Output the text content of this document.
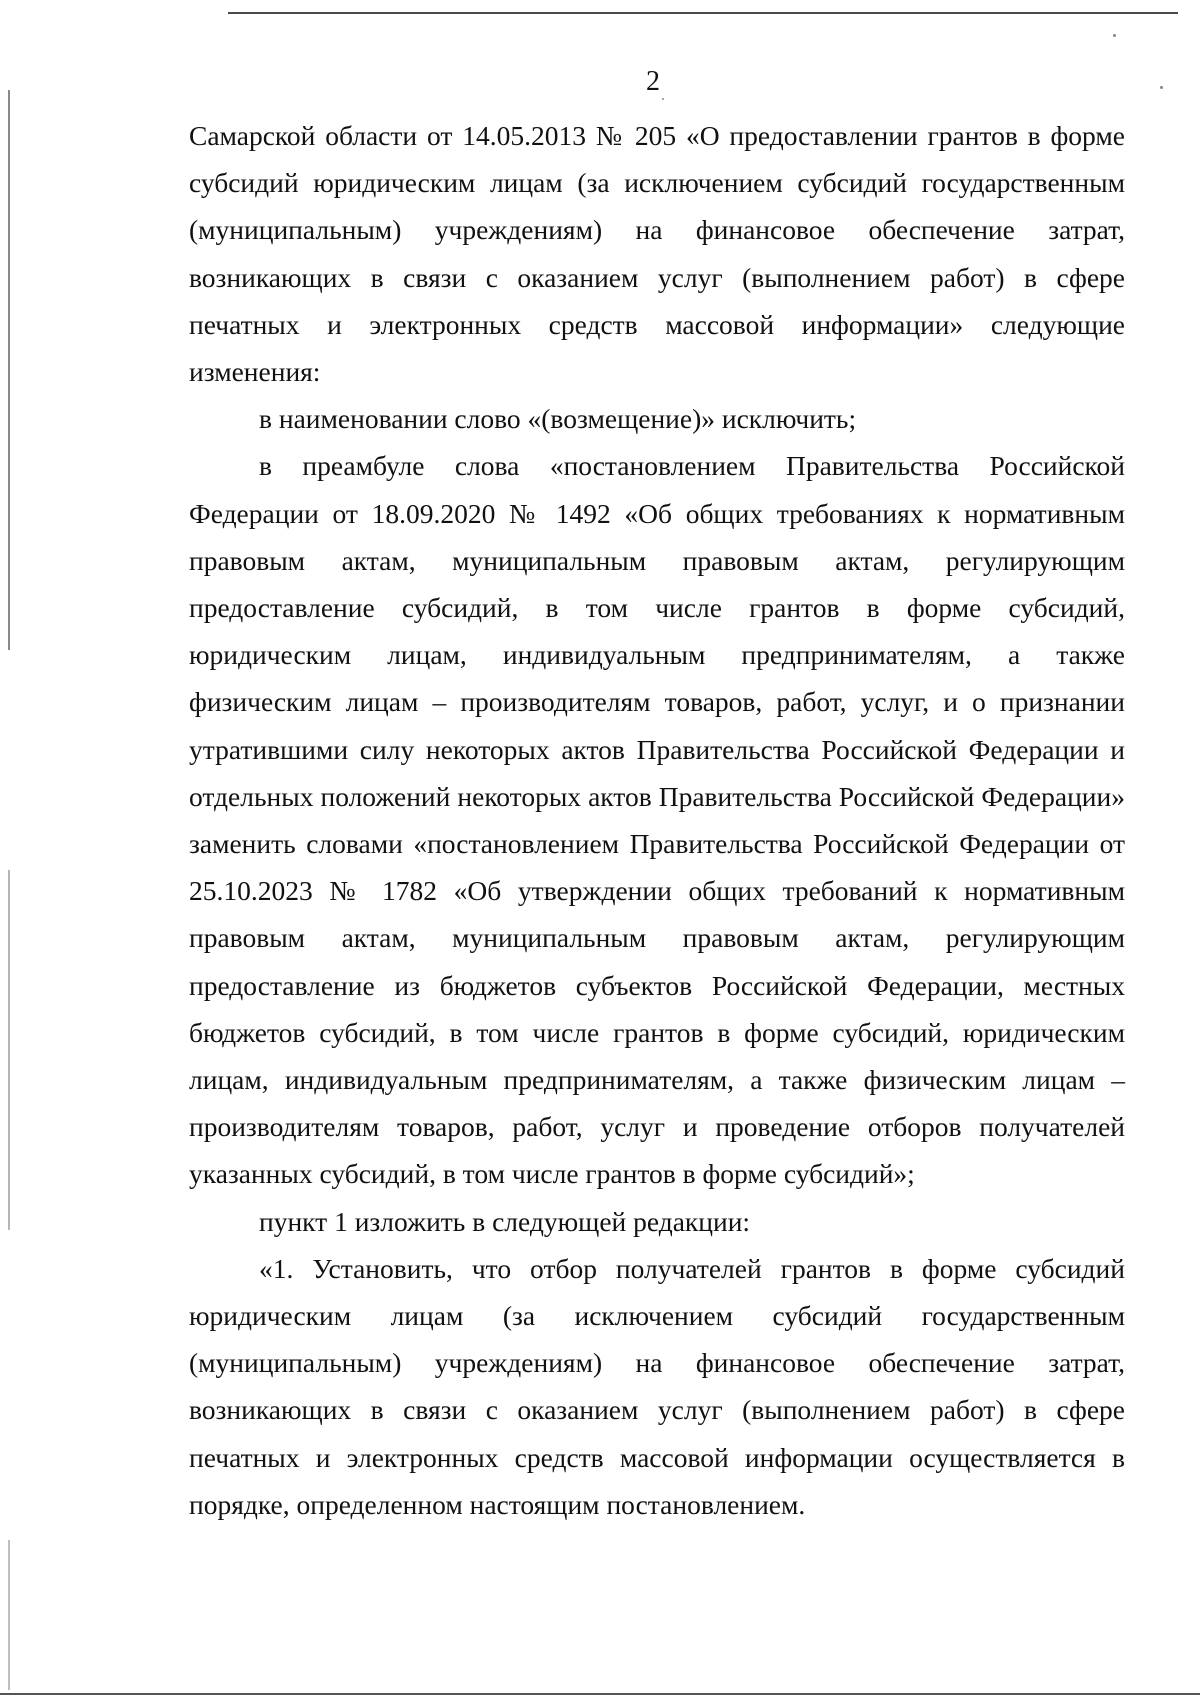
2

Самарской области от 14.05.2013 № 205 «О предоставлении грантов в форме субсидий юридическим лицам (за исключением субсидий государственным (муниципальным) учреждениям) на финансовое обеспечение затрат, возникающих в связи с оказанием услуг (выполнением работ) в сфере печатных и электронных средств массовой информации» следующие изменения:

в наименовании слово «(возмещение)» исключить;

в преамбуле слова «постановлением Правительства Российской Федерации от 18.09.2020 № 1492 «Об общих требованиях к нормативным правовым актам, муниципальным правовым актам, регулирующим предоставление субсидий, в том числе грантов в форме субсидий, юридическим лицам, индивидуальным предпринимателям, а также физическим лицам – производителям товаров, работ, услуг, и о признании утратившими силу некоторых актов Правительства Российской Федерации и отдельных положений некоторых актов Правительства Российской Федерации» заменить словами «постановлением Правительства Российской Федерации от 25.10.2023 № 1782 «Об утверждении общих требований к нормативным правовым актам, муниципальным правовым актам, регулирующим предоставление из бюджетов субъектов Российской Федерации, местных бюджетов субсидий, в том числе грантов в форме субсидий, юридическим лицам, индивидуальным предпринимателям, а также физическим лицам – производителям товаров, работ, услуг и проведение отборов получателей указанных субсидий, в том числе грантов в форме субсидий»;

пункт 1 изложить в следующей редакции:

«1. Установить, что отбор получателей грантов в форме субсидий юридическим лицам (за исключением субсидий государственным (муниципальным) учреждениям) на финансовое обеспечение затрат, возникающих в связи с оказанием услуг (выполнением работ) в сфере печатных и электронных средств массовой информации осуществляется в порядке, определенном настоящим постановлением.
